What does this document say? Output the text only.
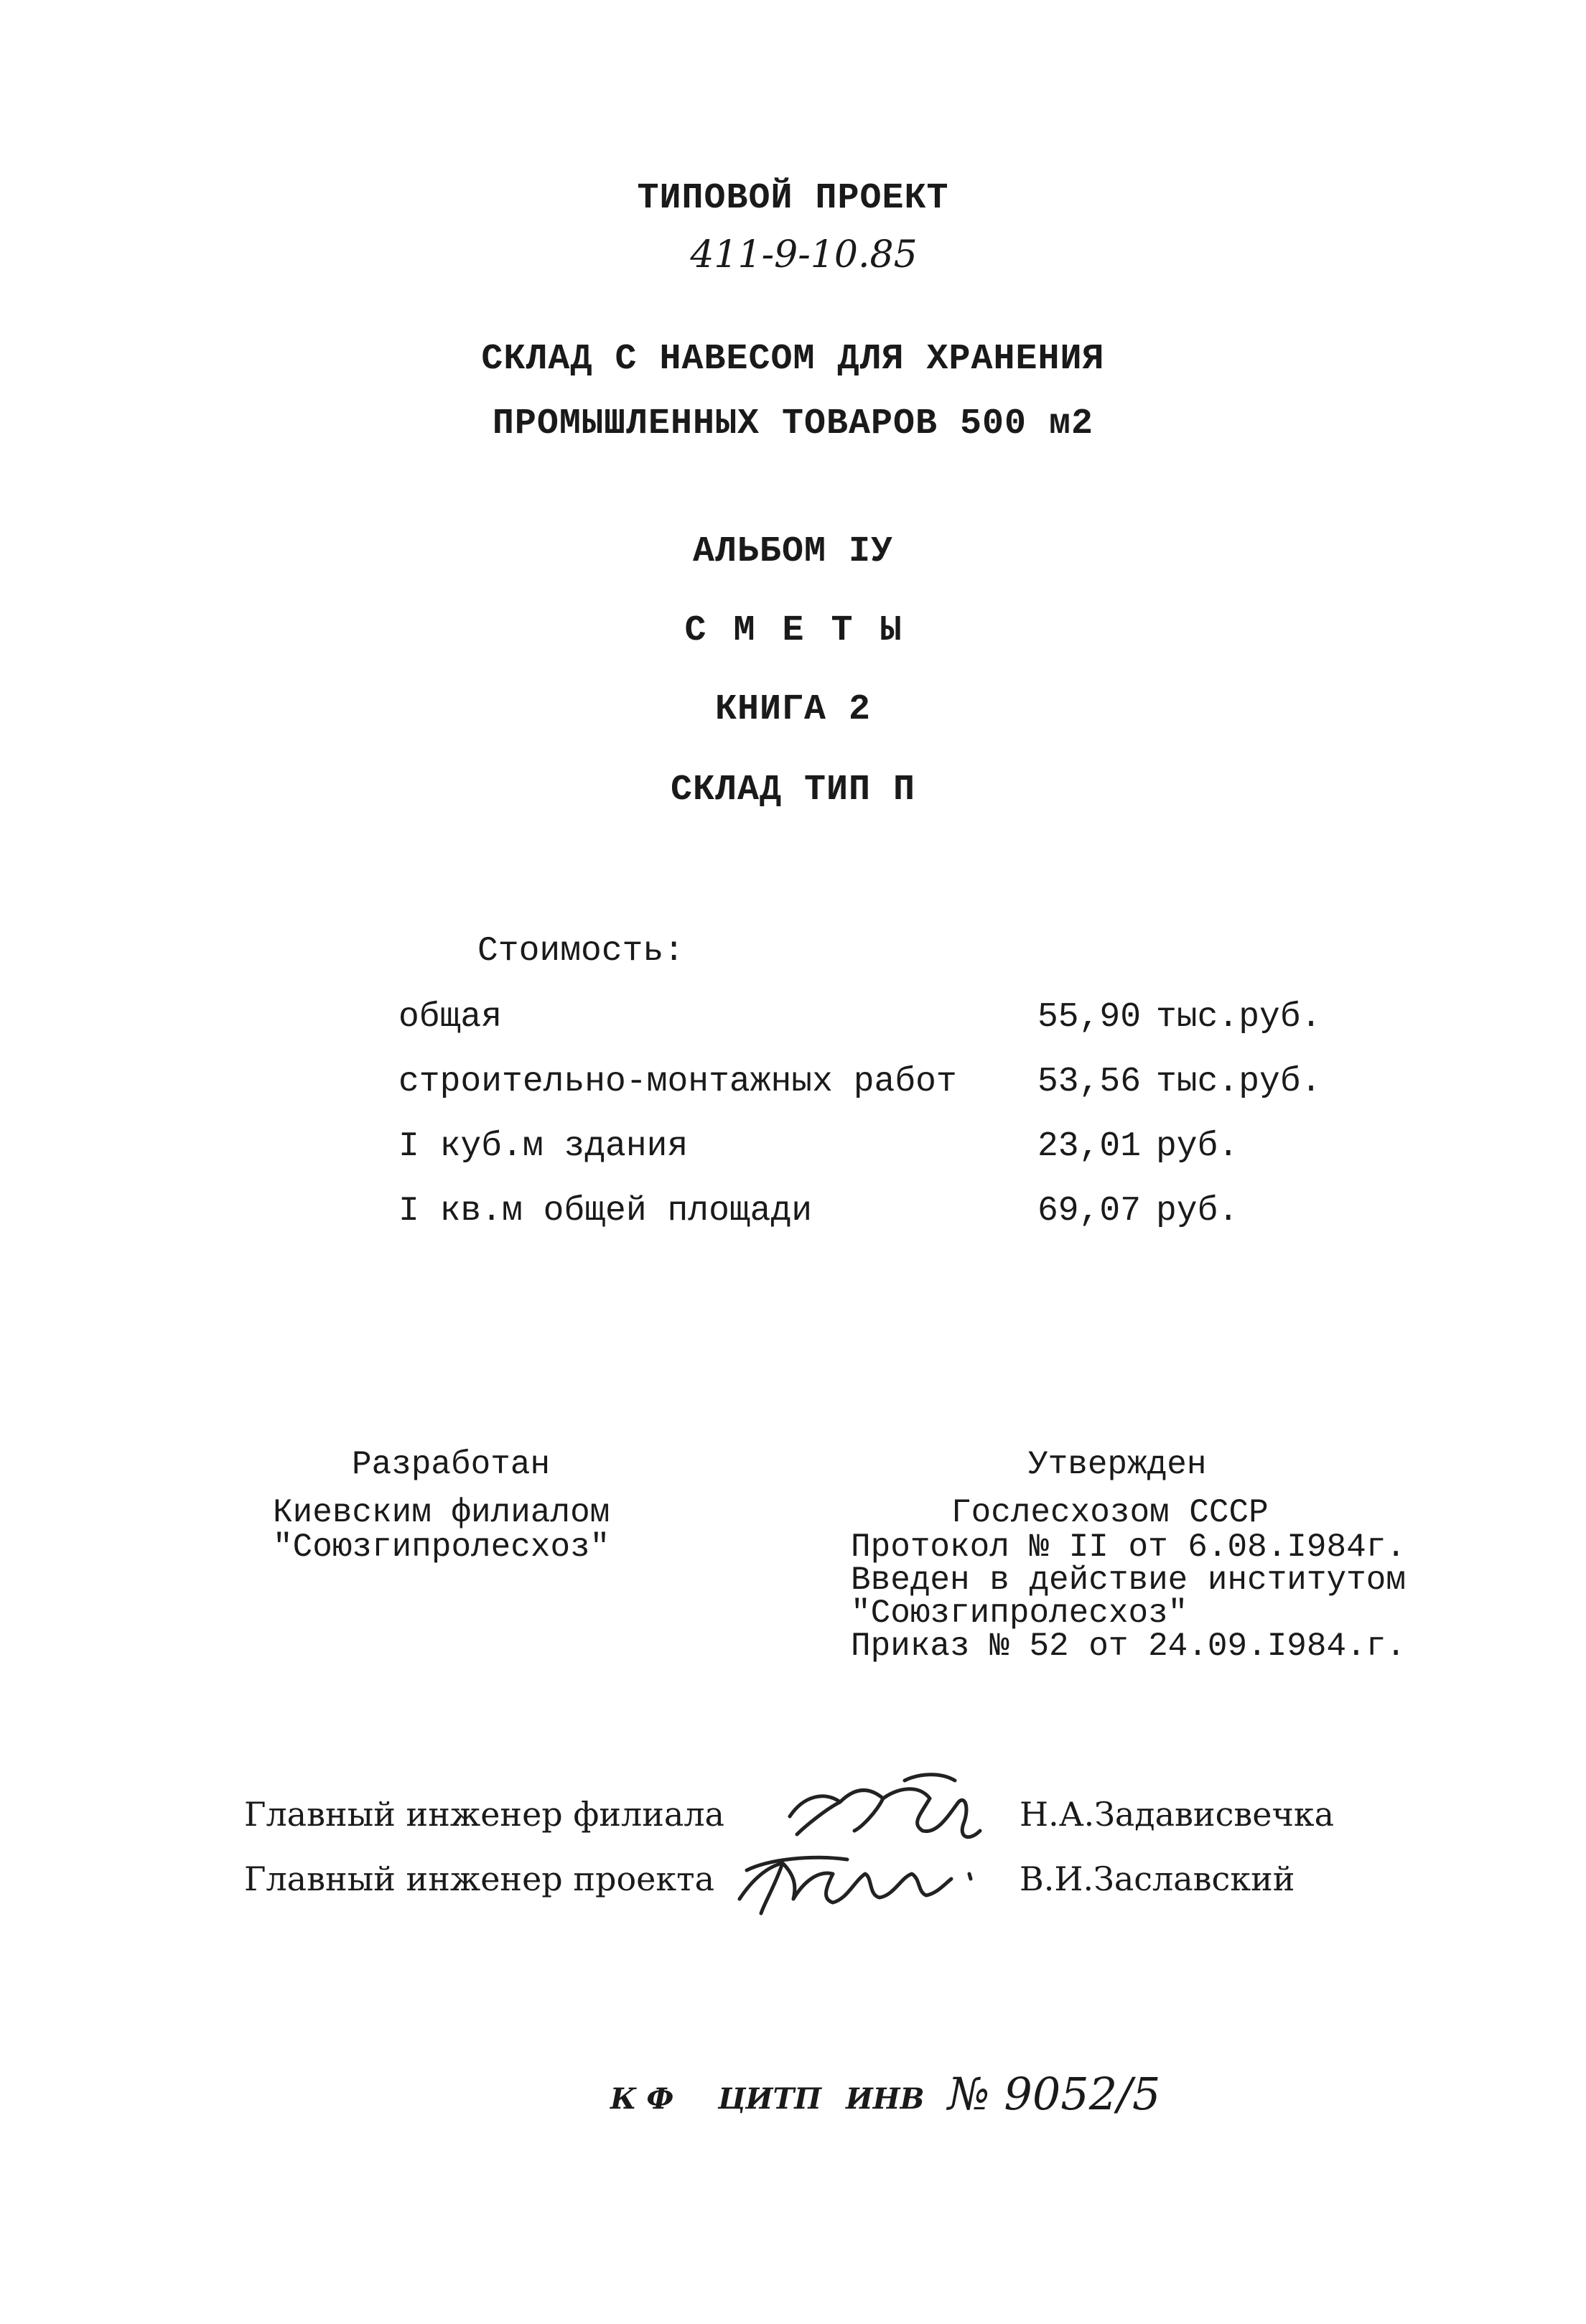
ТИПОВОЙ ПРОЕКТ
411-9-10.85
СКЛАД С НАВЕСОМ ДЛЯ ХРАНЕНИЯ
ПРОМЫШЛЕННЫХ ТОВАРОВ 500 м2
АЛЬБОМ IУ
СМЕТЫ
КНИГА 2
СКЛАД ТИП П
Стоимость:
общая	55,90 тыс.руб.
строительно-монтажных работ 53,56 тыс.руб.
I куб.м здания	23,01 руб.
I кв.м общей площади	69,07 руб.
Разработан
Киевским филиалом
"Союзгипролесхоз"
Утвержден
Гослесхозом СССР
Протокол № II от 6.08.I984г.
Введен в действие институтом
"Союзгипролесхоз"
Приказ № 52 от 24.09.I984.г.
Главный инженер филиала	Н.А.Задависвечка
Главный инженер проекта	В.И.Заславский
К Ф ЦИТП ИНВ № 9052/5
